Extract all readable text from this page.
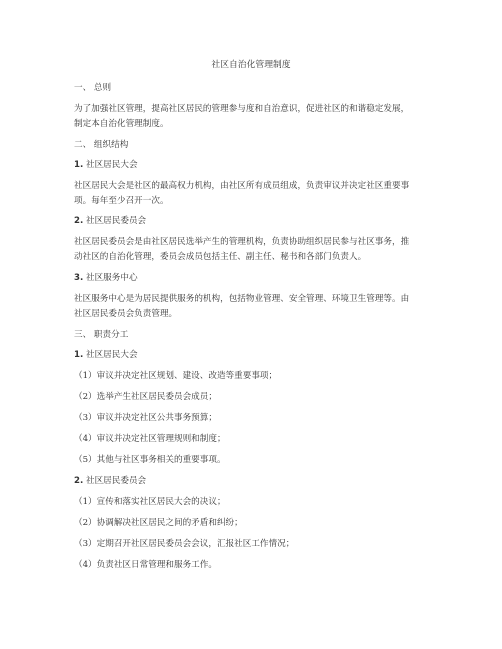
社区自治化管理制度
一、 总则
为了加强社区管理，提高社区居民的管理参与度和自治意识，促进社区的和谐稳定发展，
制定本自治化管理制度。
二、 组织结构
1. 社区居民大会
社区居民大会是社区的最高权力机构，由社区所有成员组成，负责审议并决定社区重要事
项。每年至少召开一次。
2. 社区居民委员会
社区居民委员会是由社区居民选举产生的管理机构，负责协助组织居民参与社区事务，推
动社区的自治化管理，委员会成员包括主任、副主任、秘书和各部门负责人。
3. 社区服务中心
社区服务中心是为居民提供服务的机构，包括物业管理、安全管理、环境卫生管理等。由
社区居民委员会负责管理。
三、 职责分工
1. 社区居民大会
（1）审议并决定社区规划、建设、改造等重要事项；
（2）选举产生社区居民委员会成员；
（3）审议并决定社区公共事务预算；
（4）审议并决定社区管理规则和制度；
（5）其他与社区事务相关的重要事项。
2. 社区居民委员会
（1）宣传和落实社区居民大会的决议；
（2）协调解决社区居民之间的矛盾和纠纷；
（3）定期召开社区居民委员会会议，汇报社区工作情况；
（4）负责社区日常管理和服务工作。
